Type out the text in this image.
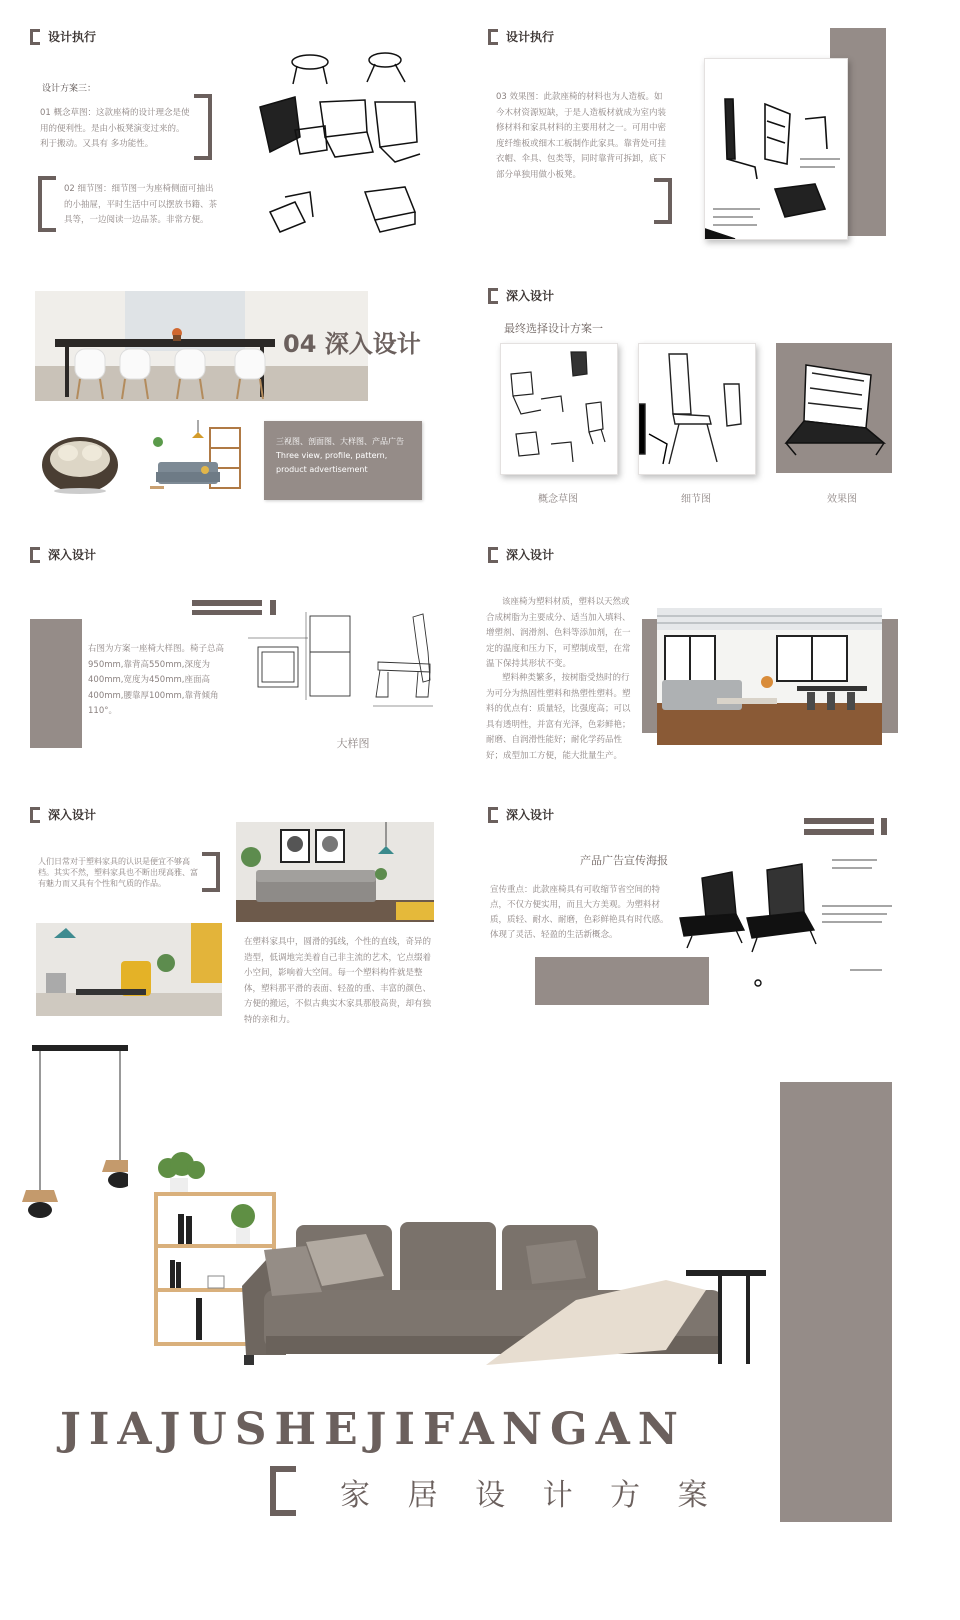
设计执行
设计方案三：
01 概念草图：这款座椅的设计理念是使用的便利性。是由小板凳演变过来的。利于搬动。又具有 多功能性。
02 细节图：细节图一为座椅侧面可抽出的小抽屉，平时生活中可以摆放书籍、茶具等，一边阅读一边品茶。非常方便。
设计执行
03 效果图：此款座椅的材料也为人造板。如今木材资源短缺，于是人造板材就成为室内装修材料和家具材料的主要用材之一。可用中密度纤维板或细木工板制作此家具。靠背处可挂衣帽、伞具、包类等，同时靠背可拆卸，底下部分单独用做小板凳。
04 深入设计
三视图、剖面图、大样图、产品广告 Three view, profile, pattern, product advertisement
深入设计
最终选择设计方案一
概念草图	细节图	效果图
深入设计
右图为方案一座椅大样图。椅子总高950mm,靠背高550mm,深度为400mm,宽度为450mm,座面高400mm,腰靠厚100mm,靠背倾角110°。
大样图
深入设计
该座椅为塑料材质，塑料以天然或合成树脂为主要成分、适当加入填料、增塑剂、润滑剂、色料等添加剂，在一定的温度和压力下，可塑制成型，在常温下保持其形状不变。
塑料种类繁多，按树脂受热时的行为可分为热固性塑料和热塑性塑料。塑料的优点有：质量轻，比强度高；可以具有透明性，并富有光泽，色彩鲜艳；耐磨、自润滑性能好；耐化学药品性好；成型加工方便，能大批量生产。
深入设计
人们日常对于塑料家具的认识是便宜不够高档。其实不然，塑料家具也不断出现高雅、富有魅力而又具有个性和气质的作品。
在塑料家具中，圆滑的弧线，个性的直线，奇异的造型，低调地完美着自己非主流的艺术，它点缀着小空间，影响着大空间。每一个塑料构件就是整体，塑料那平滑的表面、轻盈的重、丰富的颜色、方便的搬运，不似古典实木家具那般高贵，却有独特的亲和力。
深入设计
产品广告宣传海报
宣传重点：此款座椅具有可收缩节省空间的特点，不仅方便实用，而且大方美观。为塑料材质，质轻、耐水、耐磨，色彩鲜艳具有时代感。体现了灵活、轻盈的生活新概念。
JIAJUSHEJIFANGAN
家 居 设 计 方 案
